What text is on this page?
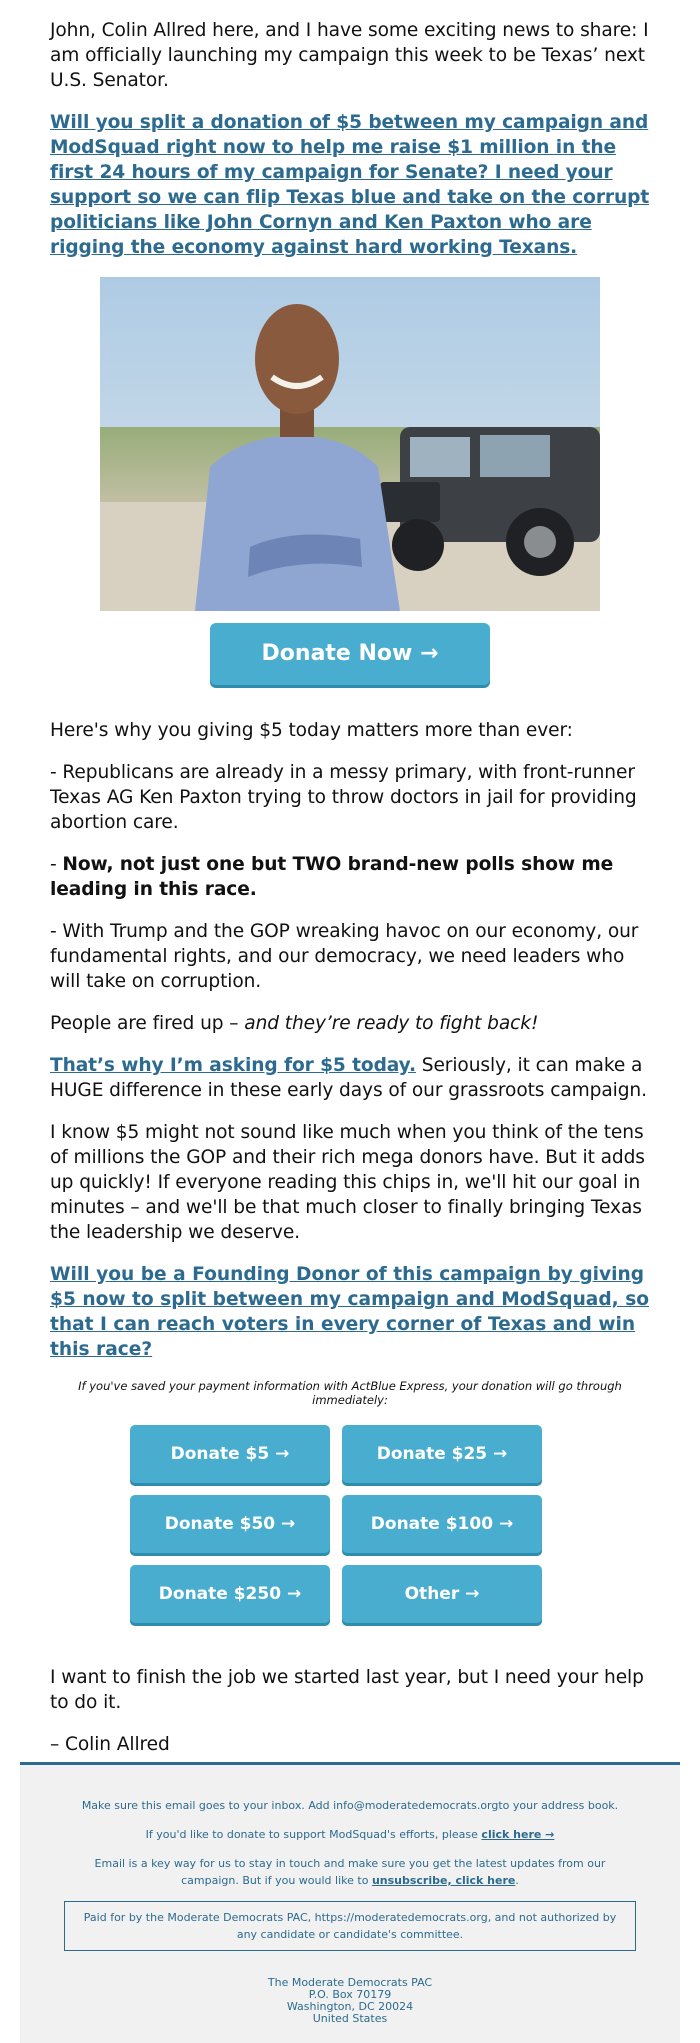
John, Colin Allred here, and I have some exciting news to share: I am officially launching my campaign this week to be Texas’ next U.S. Senator.

Will you split a donation of $5 between my campaign and ModSquad right now to help me raise $1 million in the first 24 hours of my campaign for Senate? I need your support so we can flip Texas blue and take on the corrupt politicians like John Cornyn and Ken Paxton who are rigging the economy against hard working Texans.

Donate Now →

Here's why you giving $5 today matters more than ever:

- Republicans are already in a messy primary, with front-runner Texas AG Ken Paxton trying to throw doctors in jail for providing abortion care.

- Now, not just one but TWO brand-new polls show me leading in this race.

- With Trump and the GOP wreaking havoc on our economy, our fundamental rights, and our democracy, we need leaders who will take on corruption.

People are fired up – and they’re ready to fight back!

That’s why I’m asking for $5 today. Seriously, it can make a HUGE difference in these early days of our grassroots campaign.

I know $5 might not sound like much when you think of the tens of millions the GOP and their rich mega donors have. But it adds up quickly! If everyone reading this chips in, we'll hit our goal in minutes – and we'll be that much closer to finally bringing Texas the leadership we deserve.

Will you be a Founding Donor of this campaign by giving $5 now to split between my campaign and ModSquad, so that I can reach voters in every corner of Texas and win this race?

If you've saved your payment information with ActBlue Express, your donation will go through immediately:

Donate $5 →	Donate $25 →
Donate $50 →	Donate $100 →
Donate $250 →	Other →

I want to finish the job we started last year, but I need your help to do it.

– Colin Allred

Make sure this email goes to your inbox. Add info@moderatedemocrats.orgto your address book.

If you'd like to donate to support ModSquad's efforts, please click here →

Email is a key way for us to stay in touch and make sure you get the latest updates from our campaign. But if you would like to unsubscribe, click here.

Paid for by the Moderate Democrats PAC, https://moderatedemocrats.org, and not authorized by any candidate or candidate's committee.

The Moderate Democrats PAC

P.O. Box 70179

Washington, DC 20024

United States
